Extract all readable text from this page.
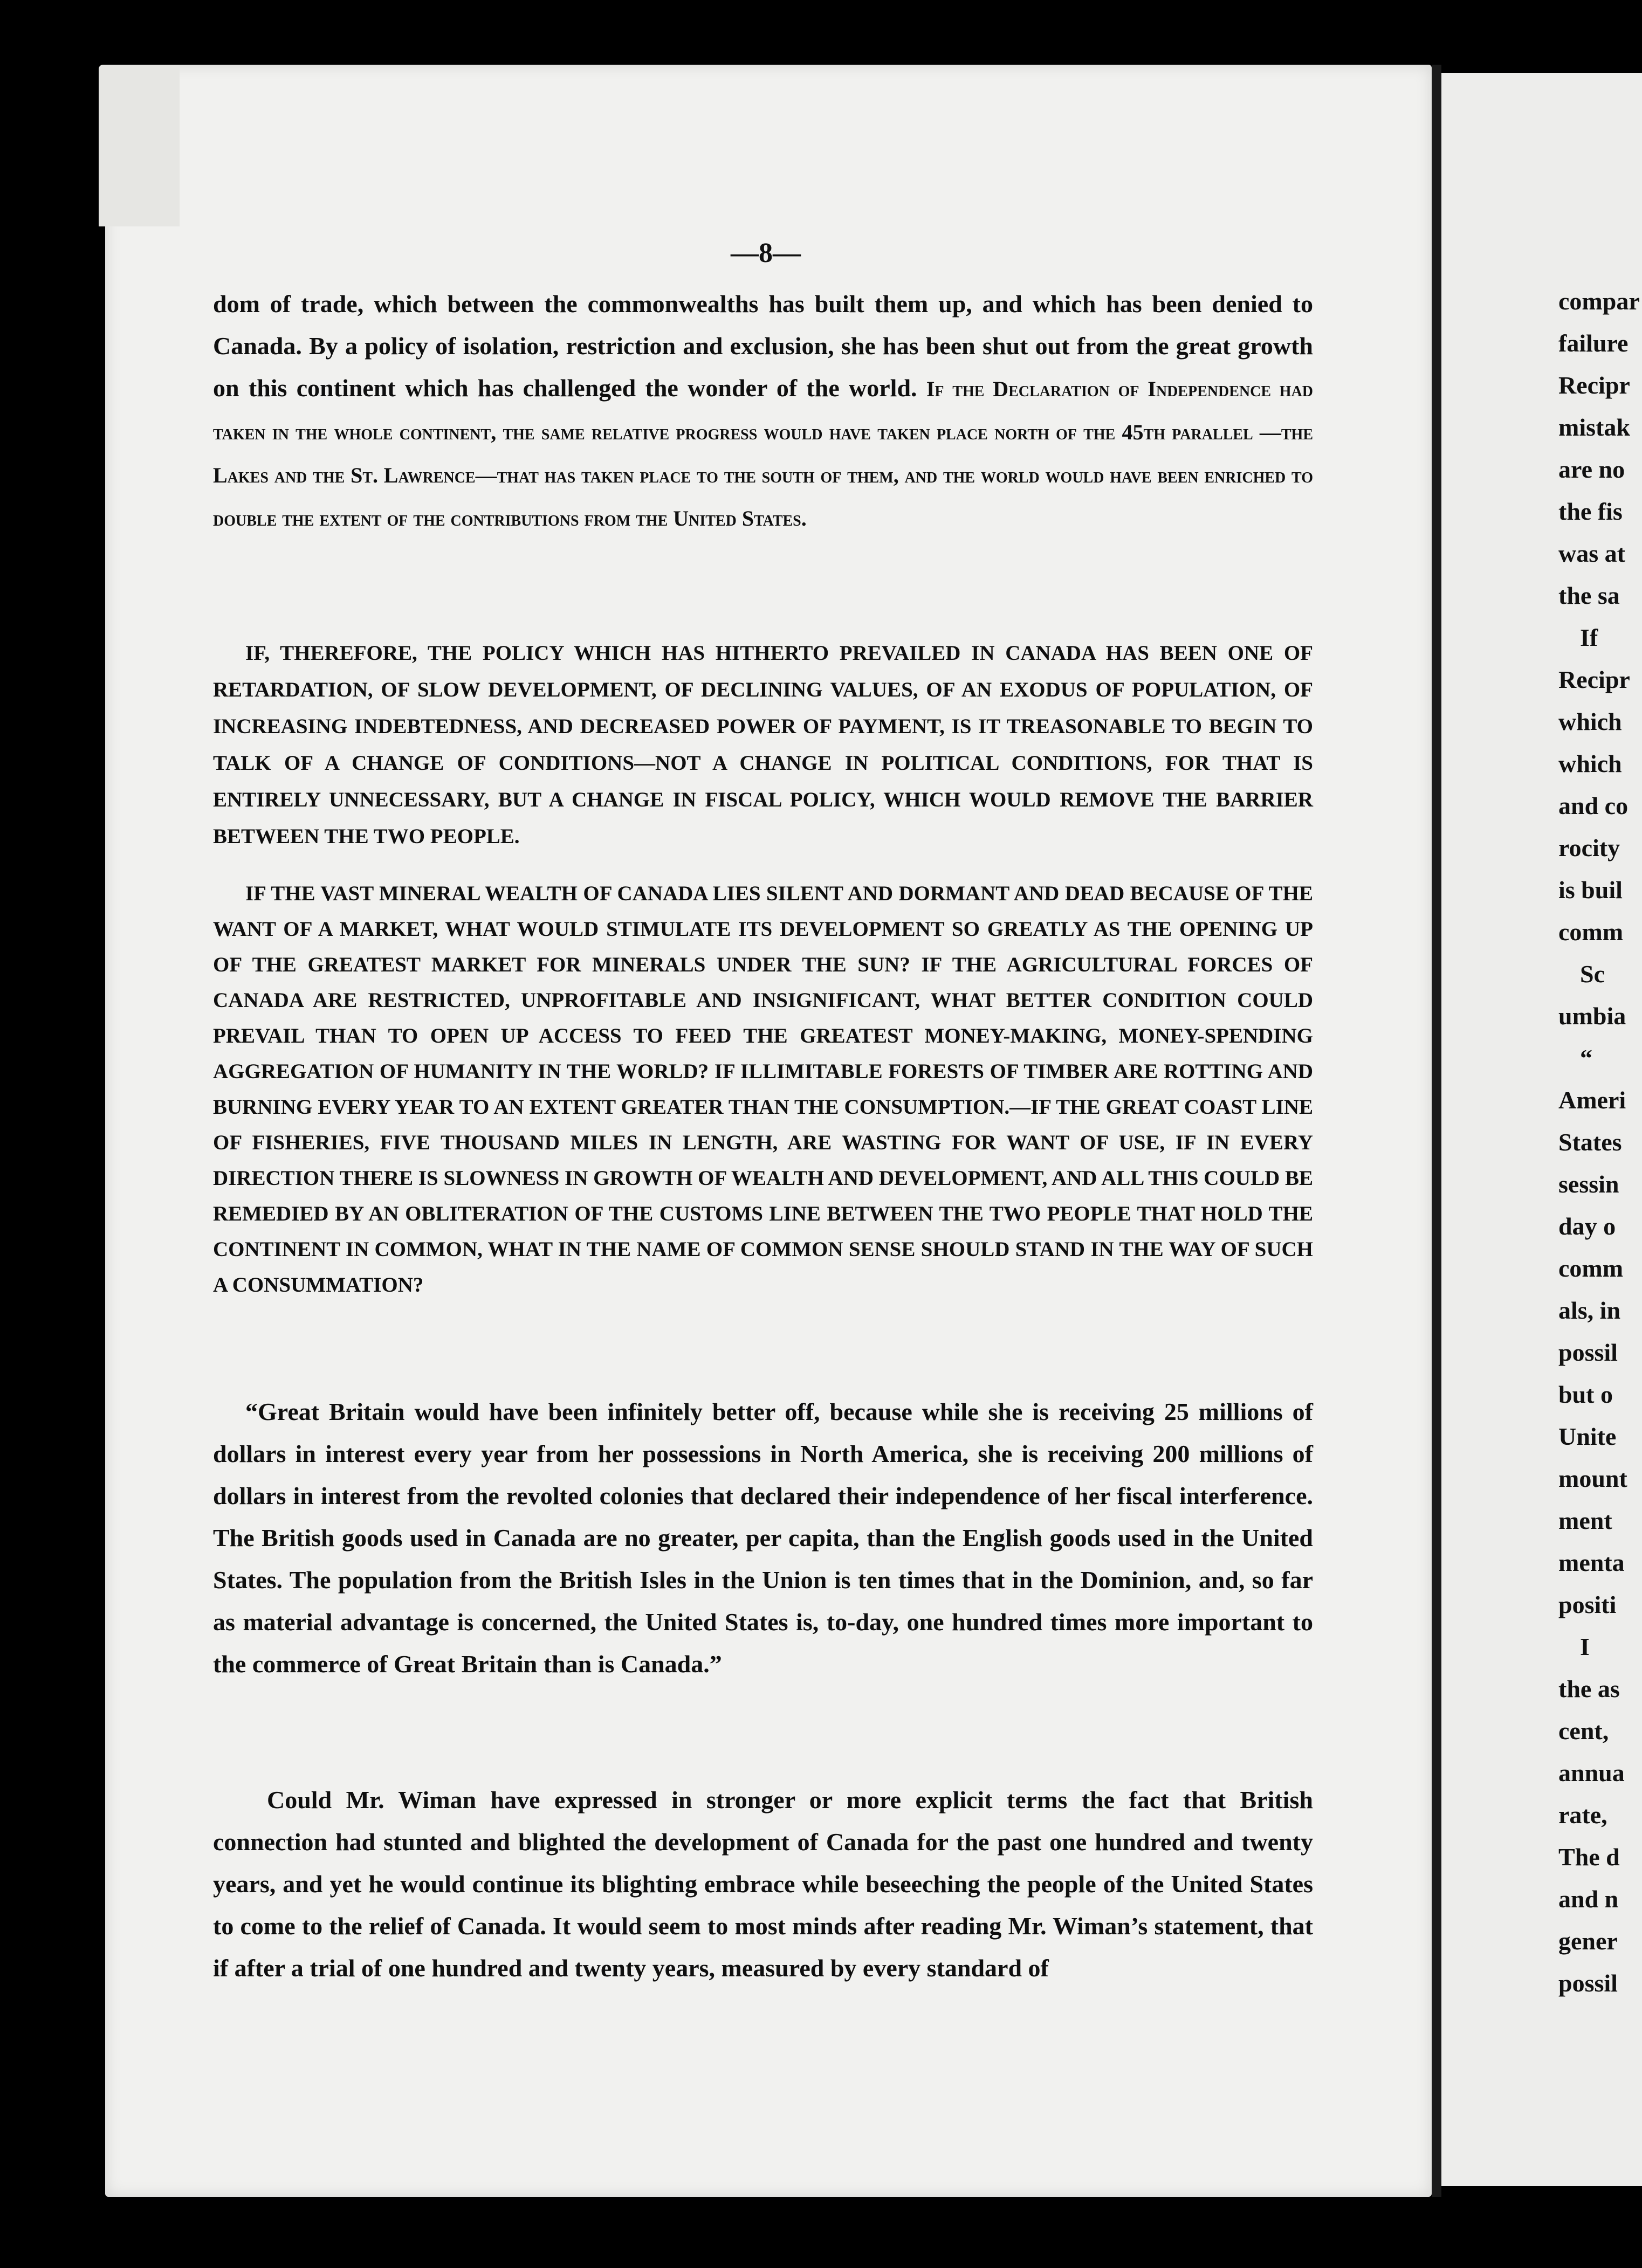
—8—
dom of trade, which between the commonwealths has built them up, and which has been denied to Canada. By a policy of isolation, restriction and exclusion, she has been shut out from the great growth on this continent which has challenged the wonder of the world. If the Declaration of Independence had taken in the whole continent, the same relative progress would have taken place north of the 45th parallel —the Lakes and the St. Lawrence—that has taken place to the south of them, and the world would have been enriched to double the extent of the contributions from the United States.
IF, THEREFORE, THE POLICY WHICH HAS HITHERTO PREVAILED IN CANADA HAS BEEN ONE OF RETARDATION, OF SLOW DEVELOPMENT, OF DECLINING VALUES, OF AN EXODUS OF POPULATION, OF INCREASING INDEBTEDNESS, AND DECREASED POWER OF PAYMENT, IS IT TREASONABLE TO BEGIN TO TALK OF A CHANGE OF CONDITIONS—NOT A CHANGE IN POLITICAL CONDITIONS, FOR THAT IS ENTIRELY UNNECESSARY, BUT A CHANGE IN FISCAL POLICY, WHICH WOULD REMOVE THE BARRIER BETWEEN THE TWO PEOPLE.
IF THE VAST MINERAL WEALTH OF CANADA LIES SILENT AND DORMANT AND DEAD BECAUSE OF THE WANT OF A MARKET, WHAT WOULD STIMULATE ITS DEVELOPMENT SO GREATLY AS THE OPENING UP OF THE GREATEST MARKET FOR MINERALS UNDER THE SUN? IF THE AGRICULTURAL FORCES OF CANADA ARE RESTRICTED, UNPROFITABLE AND INSIGNIFICANT, WHAT BETTER CONDITION COULD PREVAIL THAN TO OPEN UP ACCESS TO FEED THE GREATEST MONEY-MAKING, MONEY-SPENDING AGGREGATION OF HUMANITY IN THE WORLD? IF ILLIMITABLE FORESTS OF TIMBER ARE ROTTING AND BURNING EVERY YEAR TO AN EXTENT GREATER THAN THE CONSUMPTION.—IF THE GREAT COAST LINE OF FISHERIES, FIVE THOUSAND MILES IN LENGTH, ARE WASTING FOR WANT OF USE, IF IN EVERY DIRECTION THERE IS SLOWNESS IN GROWTH OF WEALTH AND DEVELOPMENT, AND ALL THIS COULD BE REMEDIED BY AN OBLITERATION OF THE CUSTOMS LINE BETWEEN THE TWO PEOPLE THAT HOLD THE CONTINENT IN COMMON, WHAT IN THE NAME OF COMMON SENSE SHOULD STAND IN THE WAY OF SUCH A CONSUMMATION?
“Great Britain would have been infinitely better off, because while she is receiving 25 millions of dollars in interest every year from her possessions in North America, she is receiving 200 millions of dollars in interest from the revolted colonies that declared their independence of her fiscal interference. The British goods used in Canada are no greater, per capita, than the English goods used in the United States. The population from the British Isles in the Union is ten times that in the Dominion, and, so far as material advantage is concerned, the United States is, to-day, one hundred times more important to the commerce of Great Britain than is Canada.”
Could Mr. Wiman have expressed in stronger or more explicit terms the fact that British connection had stunted and blighted the development of Canada for the past one hundred and twenty years, and yet he would continue its blighting embrace while beseeching the people of the United States to come to the relief of Canada. It would seem to most minds after reading Mr. Wiman’s statement, that if after a trial of one hundred and twenty years, measured by every standard of
compar
failure
Recipr
mistak
are no
the fis
was at
the sa
If
Recipr
which
which
and co
rocity
is buil
comm
Sc
umbia
“
Ameri
States
sessin
day o
comm
als, in
possil
but o
Unite
mount
ment
menta
positi
I
the as
cent,
annua
rate,
The d
and n
gener
possil
